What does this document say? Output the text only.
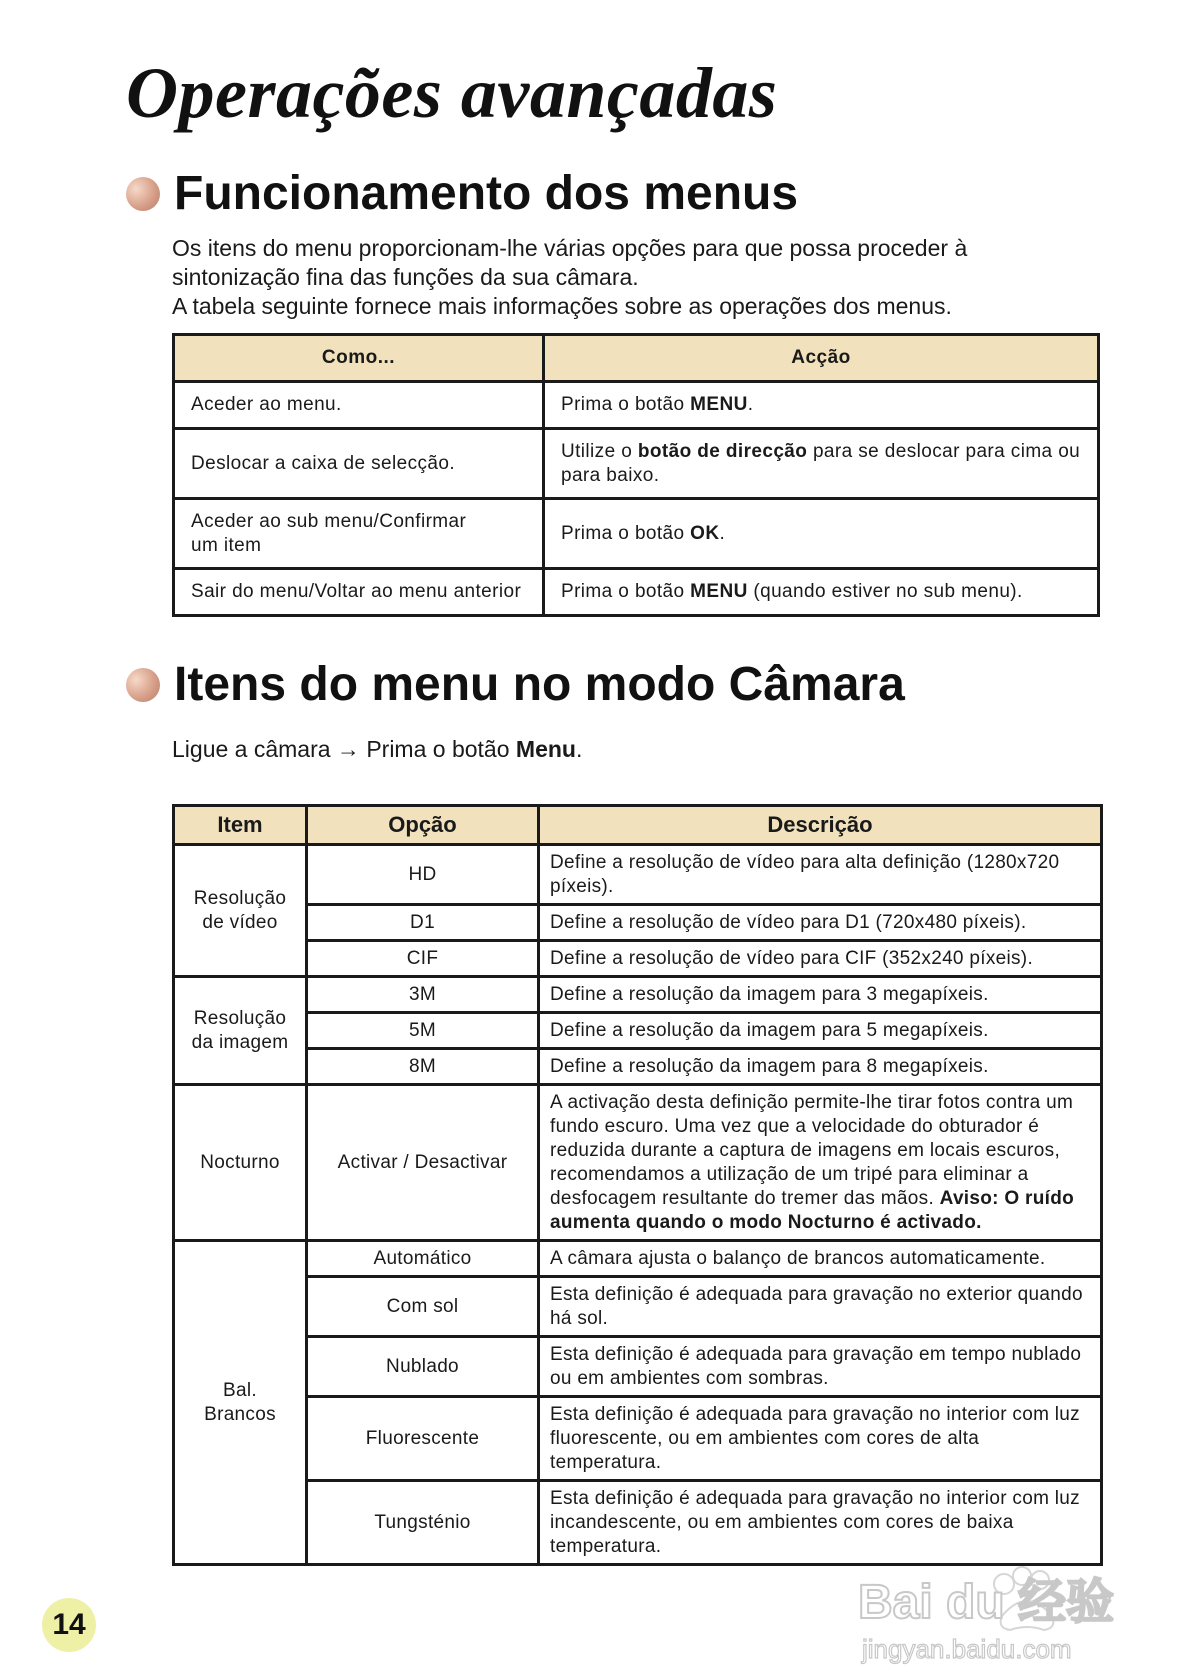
Operações avançadas
Funcionamento dos menus

Os itens do menu proporcionam-lhe várias opções para que possa proceder à

sintonização fina das funções da sua câmara.

A tabela seguinte fornece mais informações sobre as operações dos menus.

Como...	Acção
Aceder ao menu.	Prima o botão MENU.
Deslocar a caixa de selecção.	Utilize o botão de direcção para se deslocar para cima ou para baixo.

Aceder ao sub menu/Confirmar um item	Prima o botão OK.
Sair do menu/Voltar ao menu anterior	Prima o botão MENU (quando estiver no sub menu).
Itens do menu no modo Câmara
Ligue a câmara → Prima o botão Menu.
Item	Opção	Descrição

Resolução de vídeo	HD	Define a resolução de vídeo para alta definição (1280x720 píxeis).
	D1	Define a resolução de vídeo para D1 (720x480 píxeis).
	CIF	Define a resolução de vídeo para CIF (352x240 píxeis).

Resolução da imagem	3M	Define a resolução da imagem para 3 megapíxeis.
	5M	Define a resolução da imagem para 5 megapíxeis.
	8M	Define a resolução da imagem para 8 megapíxeis.
Nocturno	Activar / Desactivar	A activação desta definição permite-lhe tirar fotos contra um fundo escuro. Uma vez que a velocidade do obturador é reduzida durante a captura de imagens em locais escuros, recomendamos a utilização de um tripé para eliminar a desfocagem resultante do tremer das mãos. Aviso: O ruído aumenta quando o modo Nocturno é activado.

Bal. Brancos	Automático	A câmara ajusta o balanço de brancos automaticamente.
	Com sol	Esta definição é adequada para gravação no exterior quando há sol.
	Nublado	Esta definição é adequada para gravação em tempo nublado ou em ambientes com sombras.
	Fluorescente	Esta definição é adequada para gravação no interior com luz fluorescente, ou em ambientes com cores de alta temperatura.
	Tungsténio	Esta definição é adequada para gravação no interior com luz incandescente, ou em ambientes com cores de baixa temperatura.
14	Bai du 经验
jingyan.baidu.com
